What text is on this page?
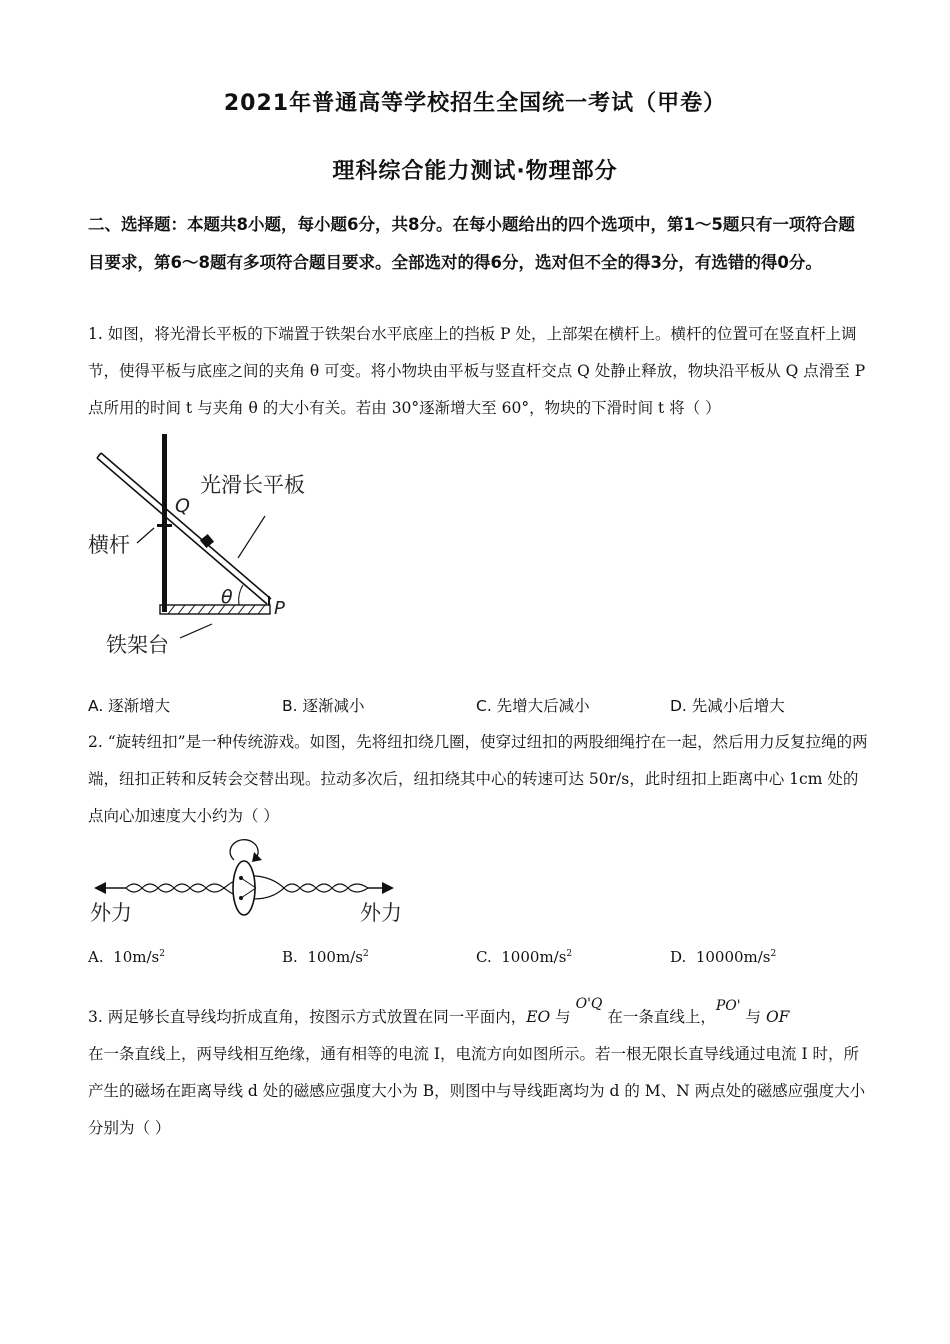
2021年普通高等学校招生全国统一考试（甲卷）
理科综合能力测试·物理部分
二、选择题：本题共8小题，每小题6分，共8分。在每小题给出的四个选项中，第1～5题只有一项符合题目要求，第6～8题有多项符合题目要求。全部选对的得6分，选对但不全的得3分，有选错的得0分。
1. 如图，将光滑长平板的下端置于铁架台水平底座上的挡板 P 处，上部架在横杆上。横杆的位置可在竖直杆上调节，使得平板与底座之间的夹角 θ 可变。将小物块由平板与竖直杆交点 Q 处静止释放，物块沿平板从 Q 点滑至 P 点所用的时间 t 与夹角 θ 的大小有关。若由 30°逐渐增大至 60°，物块的下滑时间 t 将（ ）
光滑长平板
横杆
铁架台
Q
P
θ
A. 逐渐增大	B. 逐渐减小	C. 先增大后减小	D. 先减小后增大
2. “旋转纽扣”是一种传统游戏。如图，先将纽扣绕几圈，使穿过纽扣的两股细绳拧在一起，然后用力反复拉绳的两端，纽扣正转和反转会交替出现。拉动多次后，纽扣绕其中心的转速可达 50r/s，此时纽扣上距离中心 1cm 处的点向心加速度大小约为（ ）
外力	外力
A. $10m/s^2$	B. $100m/s^2$	C. $1000m/s^2$	D. $10000m/s^2$
3. 两足够长直导线均折成直角，按图示方式放置在同一平面内，EO 与 $^{O'Q}$ 在一条直线上，$^{PO'}$ 与 OF
在一条直线上，两导线相互绝缘，通有相等的电流 I，电流方向如图所示。若一根无限长直导线通过电流 I 时，所产生的磁场在距离导线 d 处的磁感应强度大小为 B，则图中与导线距离均为 d 的 M、N 两点处的磁感应强度大小分别为（ ）
